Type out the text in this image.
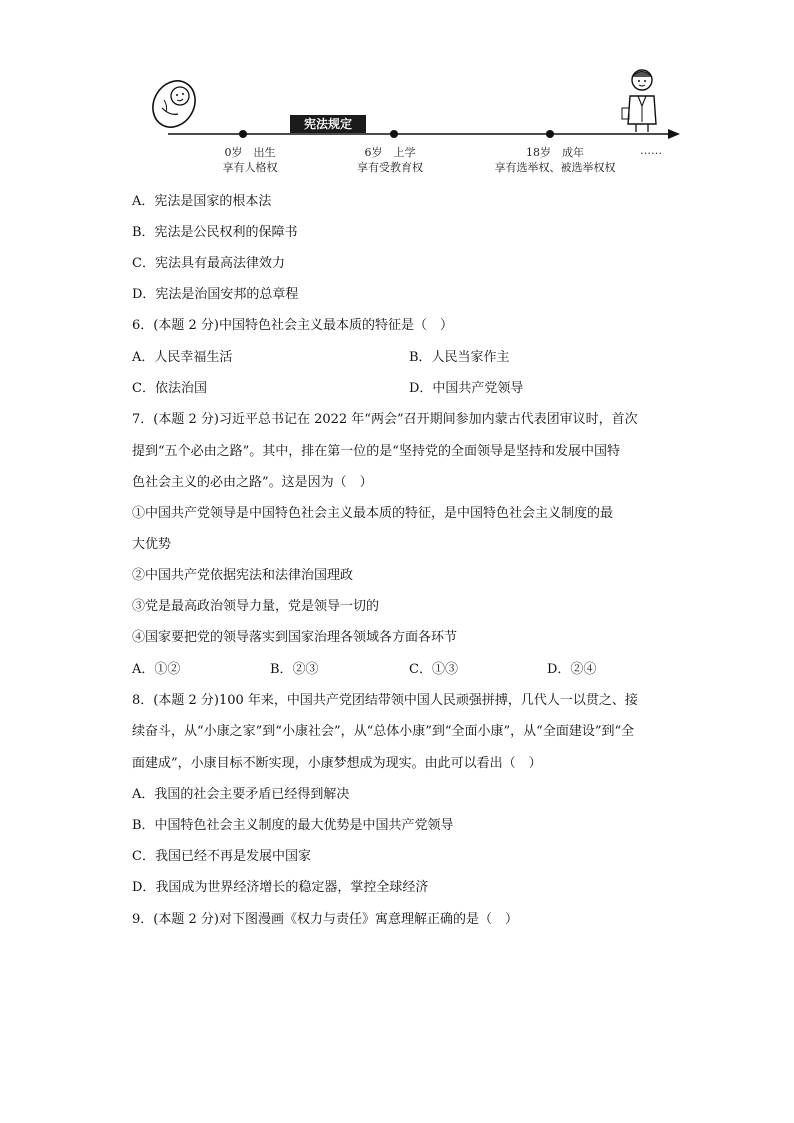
宪法规定
0岁　出生
享有人格权
6岁　上学
享有受教育权
18岁　成年
享有选举权、被选举权权
……
A．宪法是国家的根本法
B．宪法是公民权利的保障书
C．宪法具有最高法律效力
D．宪法是治国安邦的总章程
6．(本题 2 分)中国特色社会主义最本质的特征是（　）
A．人民幸福生活	B．人民当家作主
C．依法治国	D．中国共产党领导
7．(本题 2 分)习近平总书记在 2022 年“两会”召开期间参加内蒙古代表团审议时，首次
提到“五个必由之路”。其中，排在第一位的是“坚持党的全面领导是坚持和发展中国特
色社会主义的必由之路”。这是因为（　）
①中国共产党领导是中国特色社会主义最本质的特征，是中国特色社会主义制度的最
大优势
②中国共产党依据宪法和法律治国理政
③党是最高政治领导力量，党是领导一切的
④国家要把党的领导落实到国家治理各领域各方面各环节
A．①②	B．②③	C．①③	D．②④
8．(本题 2 分)100 年来，中国共产党团结带领中国人民顽强拼搏，几代人一以贯之、接
续奋斗，从“小康之家”到“小康社会”，从“总体小康”到“全面小康”，从“全面建设”到“全
面建成”，小康目标不断实现，小康梦想成为现实。由此可以看出（　）
A．我国的社会主要矛盾已经得到解决
B．中国特色社会主义制度的最大优势是中国共产党领导
C．我国已经不再是发展中国家
D．我国成为世界经济增长的稳定器，掌控全球经济
9．(本题 2 分)对下图漫画《权力与责任》寓意理解正确的是（　）
